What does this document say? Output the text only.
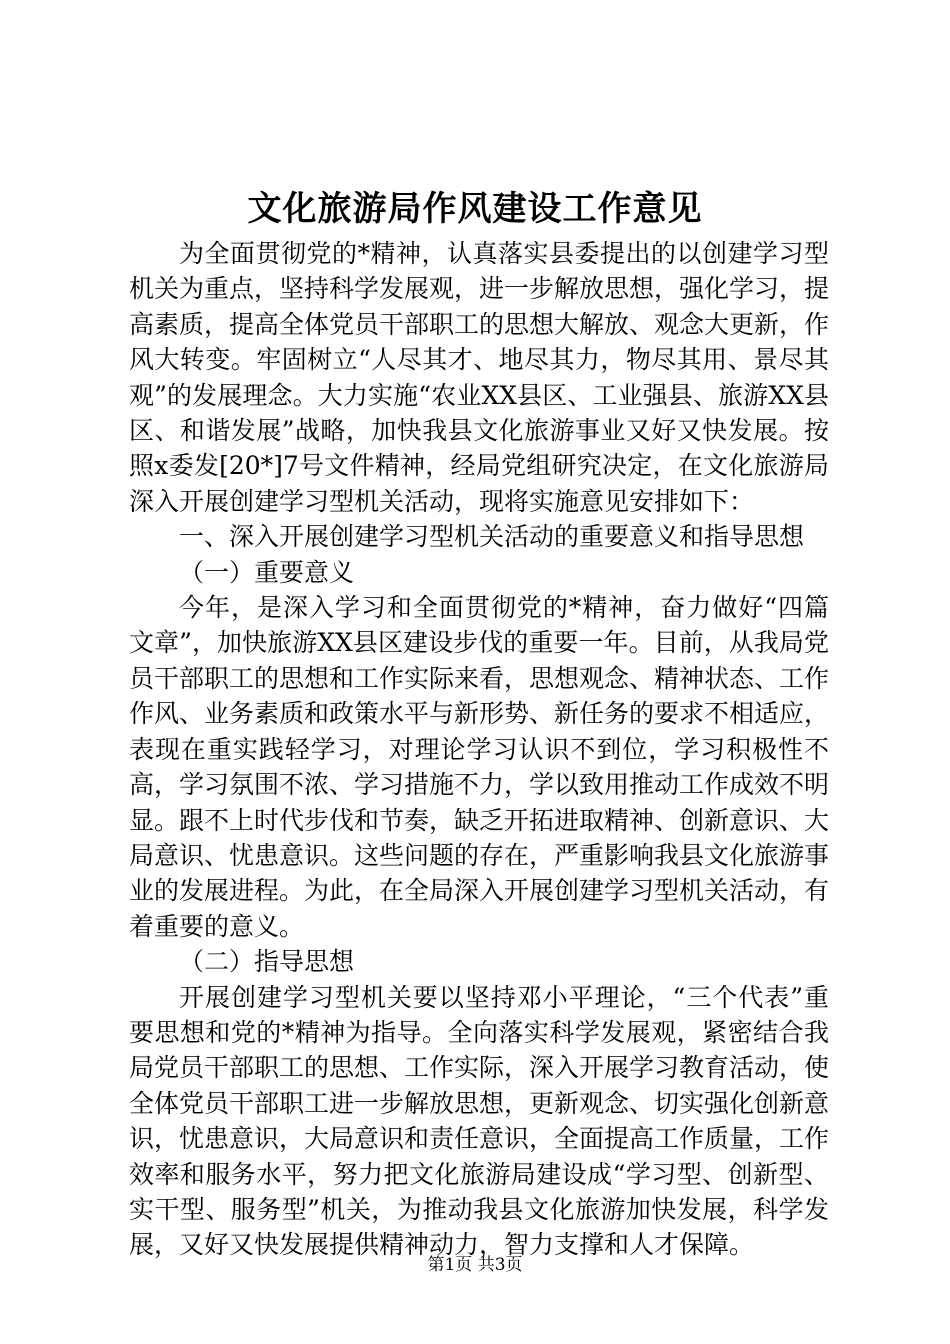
文化旅游局作风建设工作意见

为全面贯彻党的*精神，认真落实县委提出的以创建学习型机关为重点，坚持科学发展观，进一步解放思想，强化学习，提高素质，提高全体党员干部职工的思想大解放、观念大更新，作风大转变。牢固树立“人尽其才、地尽其力，物尽其用、景尽其观”的发展理念。大力实施“农业XX县区、工业强县、旅游XX县区、和谐发展”战略，加快我县文化旅游事业又好又快发展。按照x委发[20*]7号文件精神，经局党组研究决定，在文化旅游局深入开展创建学习型机关活动，现将实施意见安排如下：

一、深入开展创建学习型机关活动的重要意义和指导思想

（一）重要意义

今年，是深入学习和全面贯彻党的*精神，奋力做好“四篇文章”，加快旅游XX县区建设步伐的重要一年。目前，从我局党员干部职工的思想和工作实际来看，思想观念、精神状态、工作作风、业务素质和政策水平与新形势、新任务的要求不相适应，表现在重实践轻学习，对理论学习认识不到位，学习积极性不高，学习氛围不浓、学习措施不力，学以致用推动工作成效不明显。跟不上时代步伐和节奏，缺乏开拓进取精神、创新意识、大局意识、忧患意识。这些问题的存在，严重影响我县文化旅游事业的发展进程。为此，在全局深入开展创建学习型机关活动，有着重要的意义。

（二）指导思想

开展创建学习型机关要以坚持邓小平理论，“三个代表”重要思想和党的*精神为指导。全向落实科学发展观，紧密结合我局党员干部职工的思想、工作实际，深入开展学习教育活动，使全体党员干部职工进一步解放思想，更新观念、切实强化创新意识，忧患意识，大局意识和责任意识，全面提高工作质量，工作效率和服务水平，努力把文化旅游局建设成“学习型、创新型、实干型、服务型”机关，为推动我县文化旅游加快发展，科学发展，又好又快发展提供精神动力，智力支撑和人才保障。

第1页 共3页
